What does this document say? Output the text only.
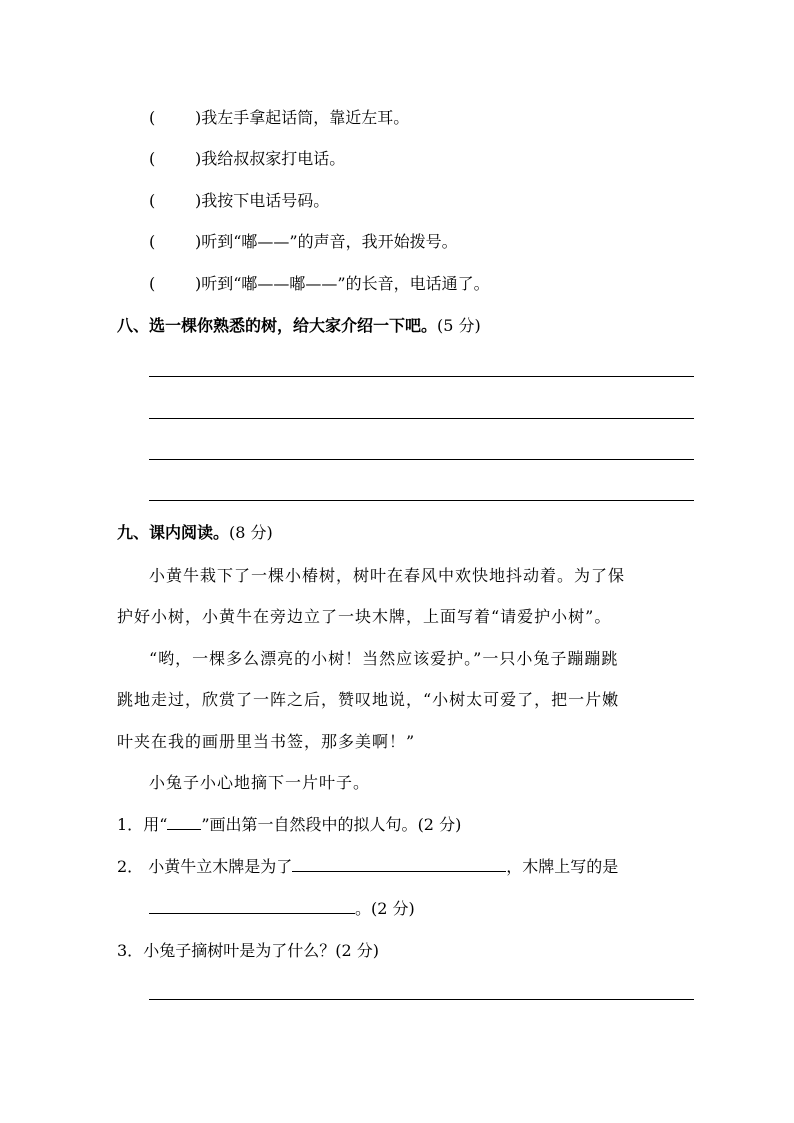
( )我左手拿起话筒，靠近左耳。
( )我给叔叔家打电话。
( )我按下电话号码。
( )听到“嘟——”的声音，我开始拨号。
( )听到“嘟——嘟——”的长音，电话通了。
八、选一棵你熟悉的树，给大家介绍一下吧。(5 分)
九、课内阅读。(8 分)
小黄牛栽下了一棵小椿树，树叶在春风中欢快地抖动着。为了保
护好小树，小黄牛在旁边立了一块木牌，上面写着“请爱护小树”。
“哟，一棵多么漂亮的小树！当然应该爱护。”一只小兔子蹦蹦跳
跳地走过，欣赏了一阵之后，赞叹地说，“小树太可爱了，把一片嫩
叶夹在我的画册里当书签，那多美啊！”
小兔子小心地摘下一片叶子。
1．用“ ”画出第一自然段中的拟人句。(2 分)
2． 小黄牛立木牌是为了	，木牌上写的是
。(2 分)
3．小兔子摘树叶是为了什么？(2 分)
